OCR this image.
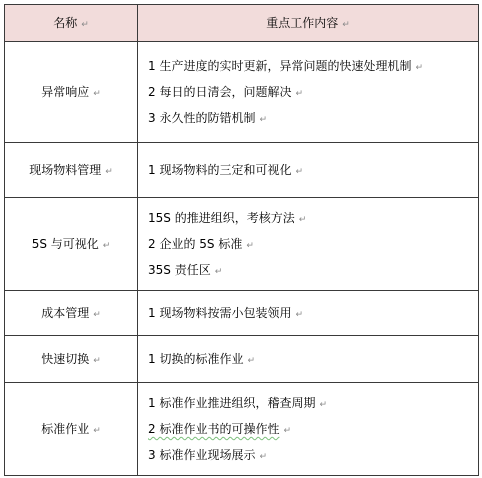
名称 ↵	重点工作内容 ↵
异常响应 ↵	1 生产进度的实时更新，异常问题的快速处理机制 ↵
2 每日的日清会，问题解决 ↵
3 永久性的防错机制 ↵

现场物料管理 ↵	1 现场物料的三定和可视化 ↵

5S 与可视化 ↵	15S 的推进组织，考核方法 ↵
2 企业的 5S 标准 ↵
35S 责任区 ↵

成本管理 ↵	1 现场物料按需小包装领用 ↵

快速切换 ↵	1 切换的标准作业 ↵

标准作业 ↵	1 标准作业推进组织，稽查周期 ↵
2 标准作业书的可操作性 ↵
3 标准作业现场展示 ↵
